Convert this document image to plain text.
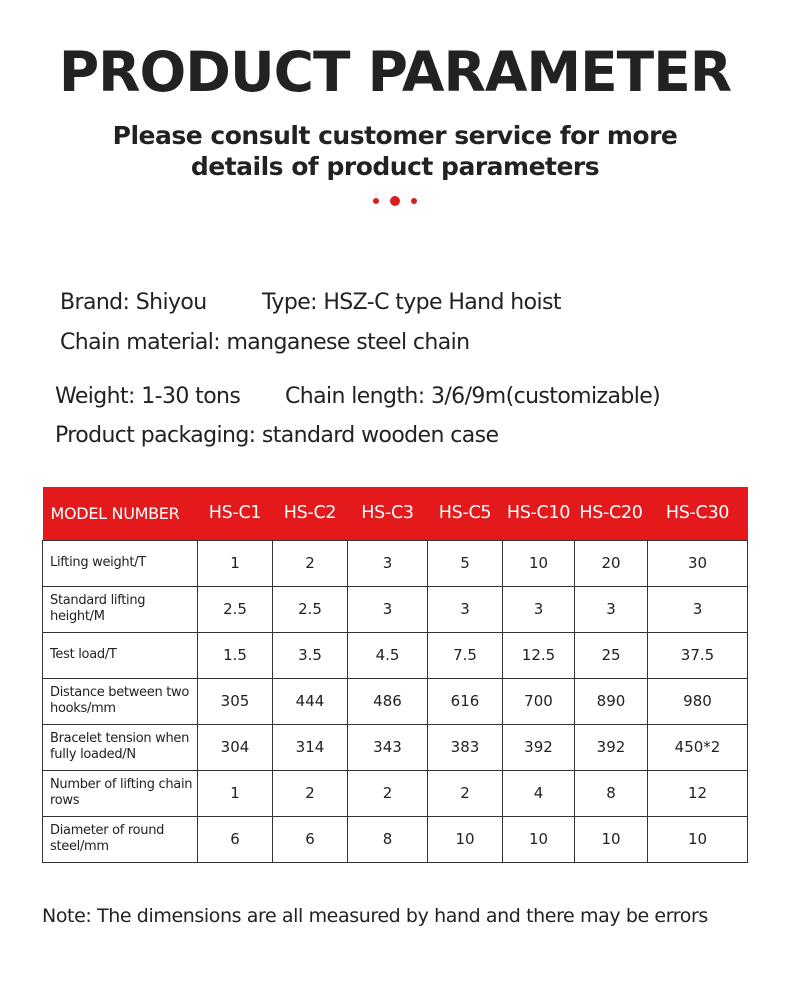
PRODUCT PARAMETER
Please consult customer service for more
details of product parameters
Brand: Shiyou	Type: HSZ-C type Hand hoist
Chain material: manganese steel chain
Weight: 1-30 tons Chain length: 3/6/9m(customizable)
Product packaging: standard wooden case
MODEL NUMBER	HS-C1	HS-C2	HS-C3	HS-C5	HS-C10	HS-C20	HS-C30
Lifting weight/T	1	2	3	5	10	20	30
Standard lifting height/M	2.5	2.5	3	3	3	3	3
Test load/T	1.5	3.5	4.5	7.5	12.5	25	37.5
Distance between two hooks/mm	305	444	486	616	700	890	980
Bracelet tension when fully loaded/N	304	314	343	383	392	392	450*2
Number of lifting chain rows	1	2	2	2	4	8	12
Diameter of round steel/mm	6	6	8	10	10	10	10
Note: The dimensions are all measured by hand and there may be errors
